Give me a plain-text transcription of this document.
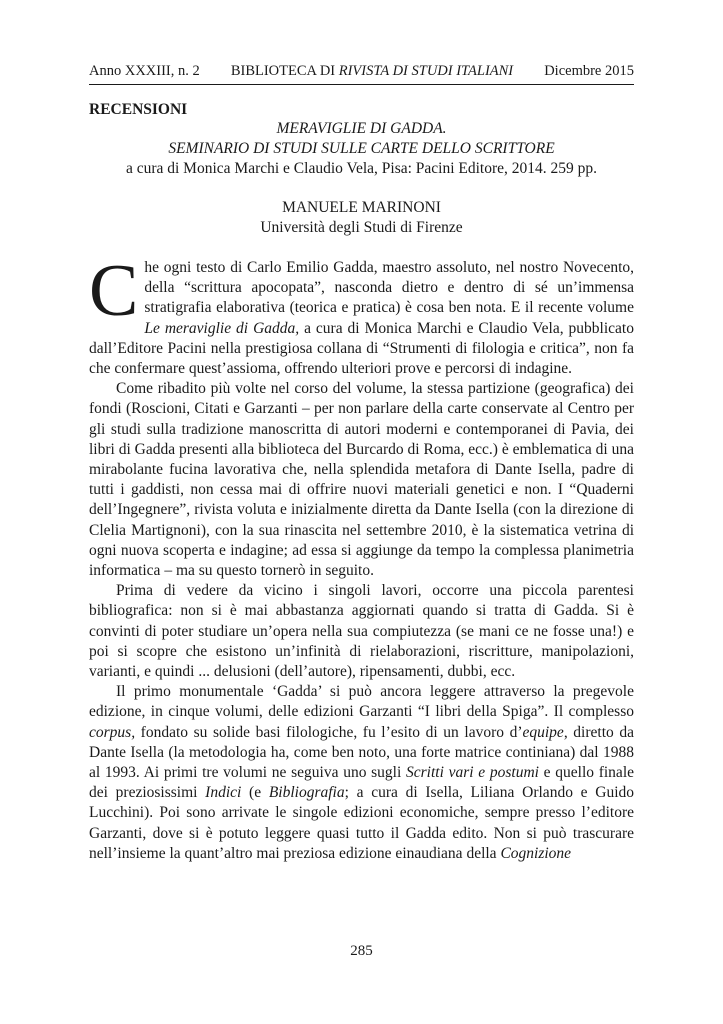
Anno XXXIII, n. 2 BIBLIOTECA DI RIVISTA DI STUDI ITALIANI Dicembre 2015
RECENSIONI
MERAVIGLIE DI GADDA.
SEMINARIO DI STUDI SULLE CARTE DELLO SCRITTORE
a cura di Monica Marchi e Claudio Vela, Pisa: Pacini Editore, 2014. 259 pp.
MANUELE MARINONI
Università degli Studi di Firenze

Che ogni testo di Carlo Emilio Gadda, maestro assoluto, nel nostro Novecento, della “scrittura apocopata”, nasconda dietro e dentro di sé un’immensa stratigrafia elaborativa (teorica e pratica) è cosa ben nota. E il recente volume Le meraviglie di Gadda, a cura di Monica Marchi e Claudio Vela, pubblicato dall’Editore Pacini nella prestigiosa collana di “Strumenti di filologia e critica”, non fa che confermare quest’assioma, offrendo ulteriori prove e percorsi di indagine.

Come ribadito più volte nel corso del volume, la stessa partizione (geografica) dei fondi (Roscioni, Citati e Garzanti – per non parlare della carte conservate al Centro per gli studi sulla tradizione manoscritta di autori moderni e contemporanei di Pavia, dei libri di Gadda presenti alla biblioteca del Burcardo di Roma, ecc.) è emblematica di una mirabolante fucina lavorativa che, nella splendida metafora di Dante Isella, padre di tutti i gaddisti, non cessa mai di offrire nuovi materiali genetici e non. I “Quaderni dell’Ingegnere”, rivista voluta e inizialmente diretta da Dante Isella (con la direzione di Clelia Martignoni), con la sua rinascita nel settembre 2010, è la sistematica vetrina di ogni nuova scoperta e indagine; ad essa si aggiunge da tempo la complessa planimetria informatica – ma su questo tornerò in seguito.

Prima di vedere da vicino i singoli lavori, occorre una piccola parentesi bibliografica: non si è mai abbastanza aggiornati quando si tratta di Gadda. Si è convinti di poter studiare un’opera nella sua compiutezza (se mani ce ne fosse una!) e poi si scopre che esistono un’infinità di rielaborazioni, riscritture, manipolazioni, varianti, e quindi ... delusioni (dell’autore), ripensamenti, dubbi, ecc.

Il primo monumentale ‘Gadda’ si può ancora leggere attraverso la pregevole edizione, in cinque volumi, delle edizioni Garzanti “I libri della Spiga”. Il complesso corpus, fondato su solide basi filologiche, fu l’esito di un lavoro d’equipe, diretto da Dante Isella (la metodologia ha, come ben noto, una forte matrice continiana) dal 1988 al 1993. Ai primi tre volumi ne seguiva uno sugli Scritti vari e postumi e quello finale dei preziosissimi Indici (e Bibliografia; a cura di Isella, Liliana Orlando e Guido Lucchini). Poi sono arrivate le singole edizioni economiche, sempre presso l’editore Garzanti, dove si è potuto leggere quasi tutto il Gadda edito. Non si può trascurare nell’insieme la quant’altro mai preziosa edizione einaudiana della Cognizione

285
